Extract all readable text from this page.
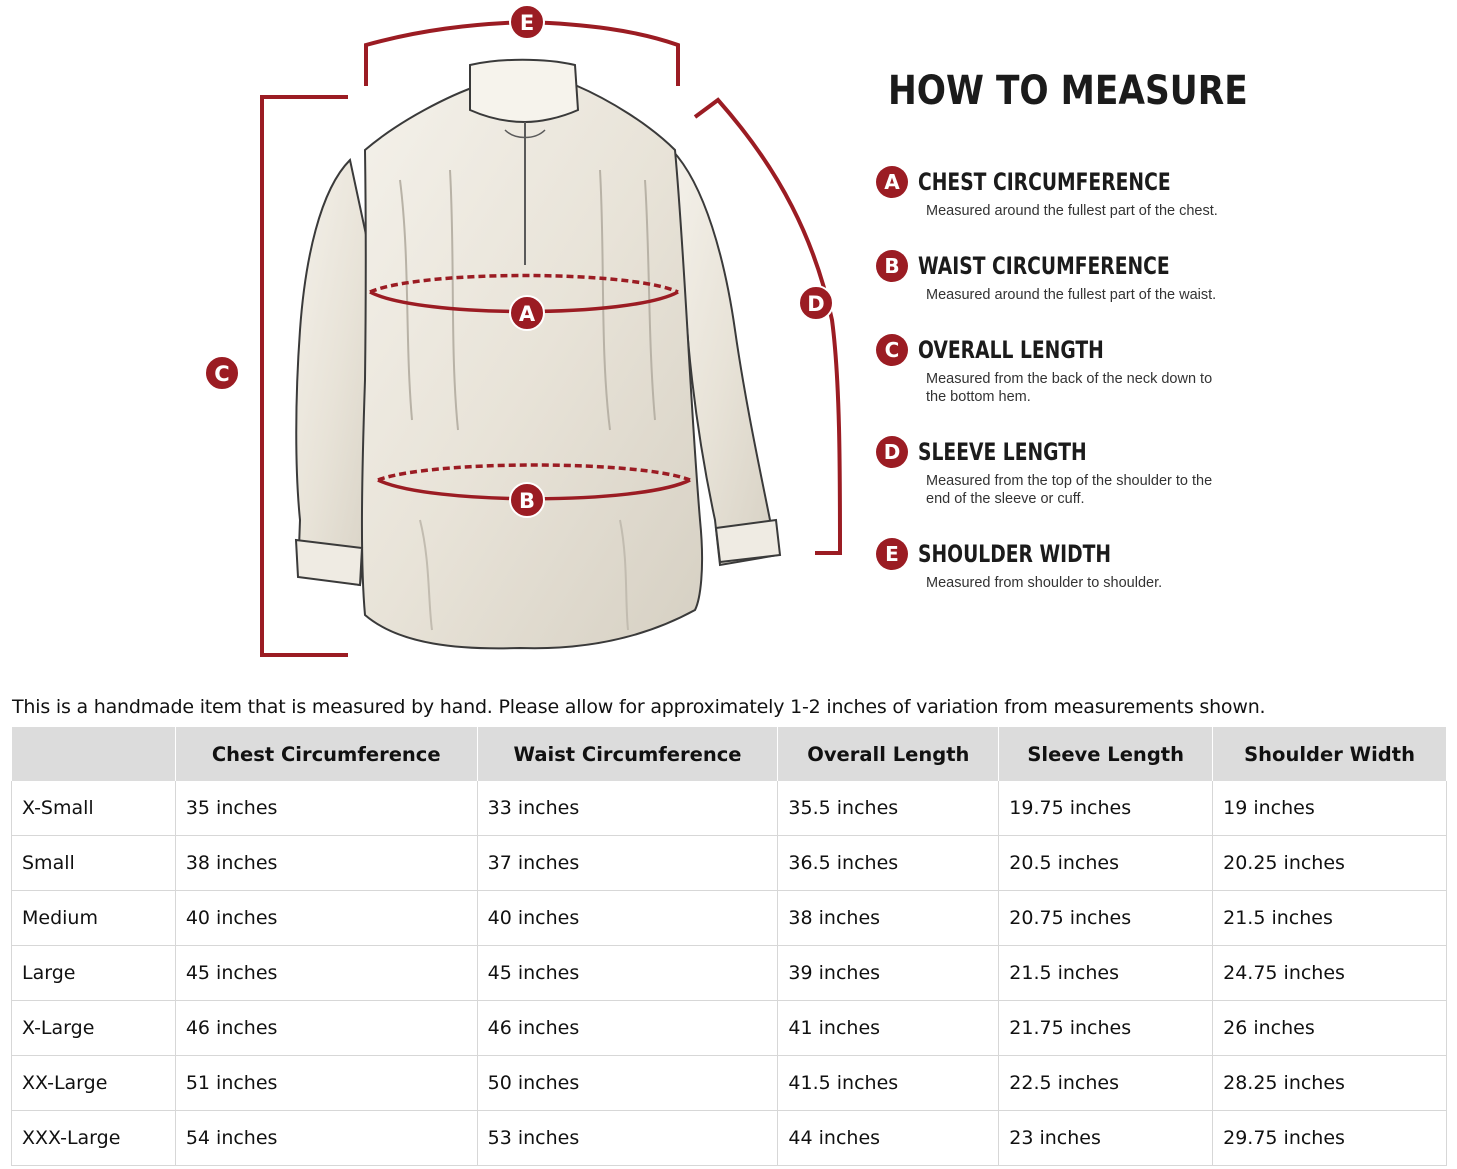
E
C
D
A
B
HOW TO MEASURE
A CHEST CIRCUMFERENCE
Measured around the fullest part of the chest.
B WAIST CIRCUMFERENCE
Measured around the fullest part of the waist.
C OVERALL LENGTH
Measured from the back of the neck down to the bottom hem.
D SLEEVE LENGTH
Measured from the top of the shoulder to the end of the sleeve or cuff.
E SHOULDER WIDTH
Measured from shoulder to shoulder.
This is a handmade item that is measured by hand. Please allow for approximately 1-2 inches of variation from measurements shown.
	Chest Circumference	Waist Circumference	Overall Length	Sleeve Length	Shoulder Width
X-Small	35 inches	33 inches	35.5 inches	19.75 inches	19 inches
Small	38 inches	37 inches	36.5 inches	20.5 inches	20.25 inches
Medium	40 inches	40 inches	38 inches	20.75 inches	21.5 inches
Large	45 inches	45 inches	39 inches	21.5 inches	24.75 inches
X-Large	46 inches	46 inches	41 inches	21.75 inches	26 inches
XX-Large	51 inches	50 inches	41.5 inches	22.5 inches	28.25 inches
XXX-Large	54 inches	53 inches	44 inches	23 inches	29.75 inches
